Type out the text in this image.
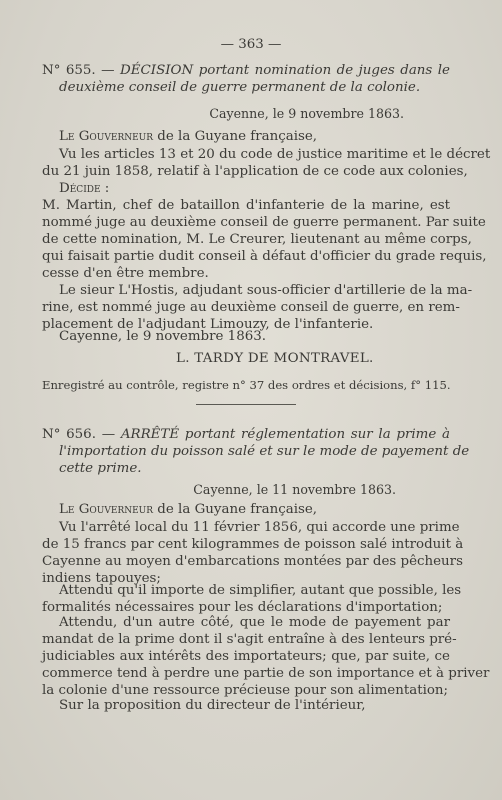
— 363 —
N° 655. — DÉCISION portant nomination de juges dans le
deuxième conseil de guerre permanent de la colonie.
Cayenne, le 9 novembre 1863.
Le Gouverneur de la Guyane française,
Vu les articles 13 et 20 du code de justice maritime et le décret
du 21 juin 1858, relatif à l'application de ce code aux colonies,
Décide :
M. Martin, chef de bataillon d'infanterie de la marine, est
nommé juge au deuxième conseil de guerre permanent. Par suite
de cette nomination, M. Le Creurer, lieutenant au même corps,
qui faisait partie dudit conseil à défaut d'officier du grade requis,
cesse d'en être membre.
Le sieur L'Hostis, adjudant sous-officier d'artillerie de la ma-
rine, est nommé juge au deuxième conseil de guerre, en rem-
placement de l'adjudant Limouzy, de l'infanterie.
Cayenne, le 9 novembre 1863.
L. TARDY DE MONTRAVEL.
Enregistré au contrôle, registre n° 37 des ordres et décisions, f° 115.
N° 656. — ARRÊTÉ portant réglementation sur la prime à
l'importation du poisson salé et sur le mode de payement de
cette prime.
Cayenne, le 11 novembre 1863.
Le Gouverneur de la Guyane française,
Vu l'arrêté local du 11 février 1856, qui accorde une prime
de 15 francs par cent kilogrammes de poisson salé introduit à
Cayenne au moyen d'embarcations montées par des pêcheurs
indiens tapouyes;
Attendu qu'il importe de simplifier, autant que possible, les
formalités nécessaires pour les déclarations d'importation;
Attendu, d'un autre côté, que le mode de payement par
mandat de la prime dont il s'agit entraîne à des lenteurs pré-
judiciables aux intérêts des importateurs; que, par suite, ce
commerce tend à perdre une partie de son importance et à priver
la colonie d'une ressource précieuse pour son alimentation;
Sur la proposition du directeur de l'intérieur,
